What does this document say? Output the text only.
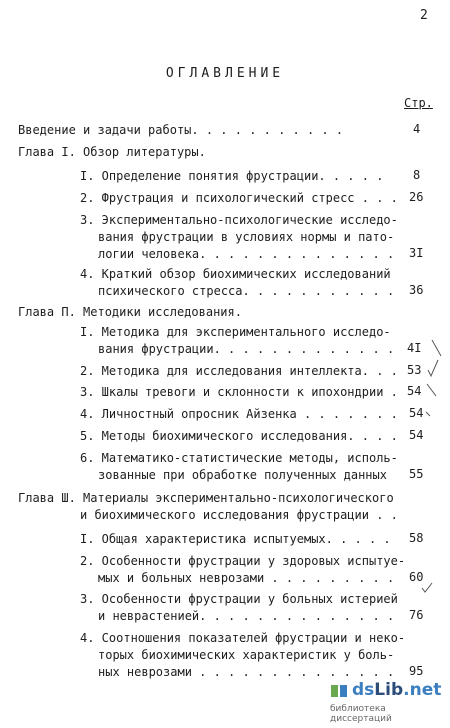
2
ОГЛАВЛЕНИЕ
Стр.
Введение и задачи работы. . . . . . . . . . .	4
Глава I. Обзор литературы.
I. Определение понятия фрустрации. . . . . 8
2. Фрустрация и психологический стресс . . . 26
3. Экспериментально-психологические исследо-
вания фрустрации в условиях нормы и пато-
логии человека. . . . . . . . . . . . . . 3I
4. Краткий обзор биохимических исследований
психического стресса. . . . . . . . . . . 36
Глава П. Методики исследования.
I. Методика для экспериментального исследо-
вания фрустрации. . . . . . . . . . . . . 4I
2. Методика для исследования интеллекта. . . 53
3. Шкалы тревоги и склонности к ипохондрии . 54
4. Личностный опросник Айзенка . . . . . . . 54
5. Методы биохимического исследования. . . . 54
6. Математико-статистические методы, исполь-
зованные при обработке полученных данных 55
Глава Ш. Материалы экспериментально-психологического
и биохимического исследования фрустрации . .
I. Общая характеристика испытуемых. . . . . 58
2. Особенности фрустрации у здоровых испытуе-
мых и больных неврозами . . . . . . . . . 60
3. Особенности фрустрации у больных истерией
и неврастенией. . . . . . . . . . . . . . 76
4. Соотношения показателей фрустрации и неко-
торых биохимических характеристик у боль-
ных неврозами . . . . . . . . . . . . . . 95
dsLib.net
библиотека диссертаций
